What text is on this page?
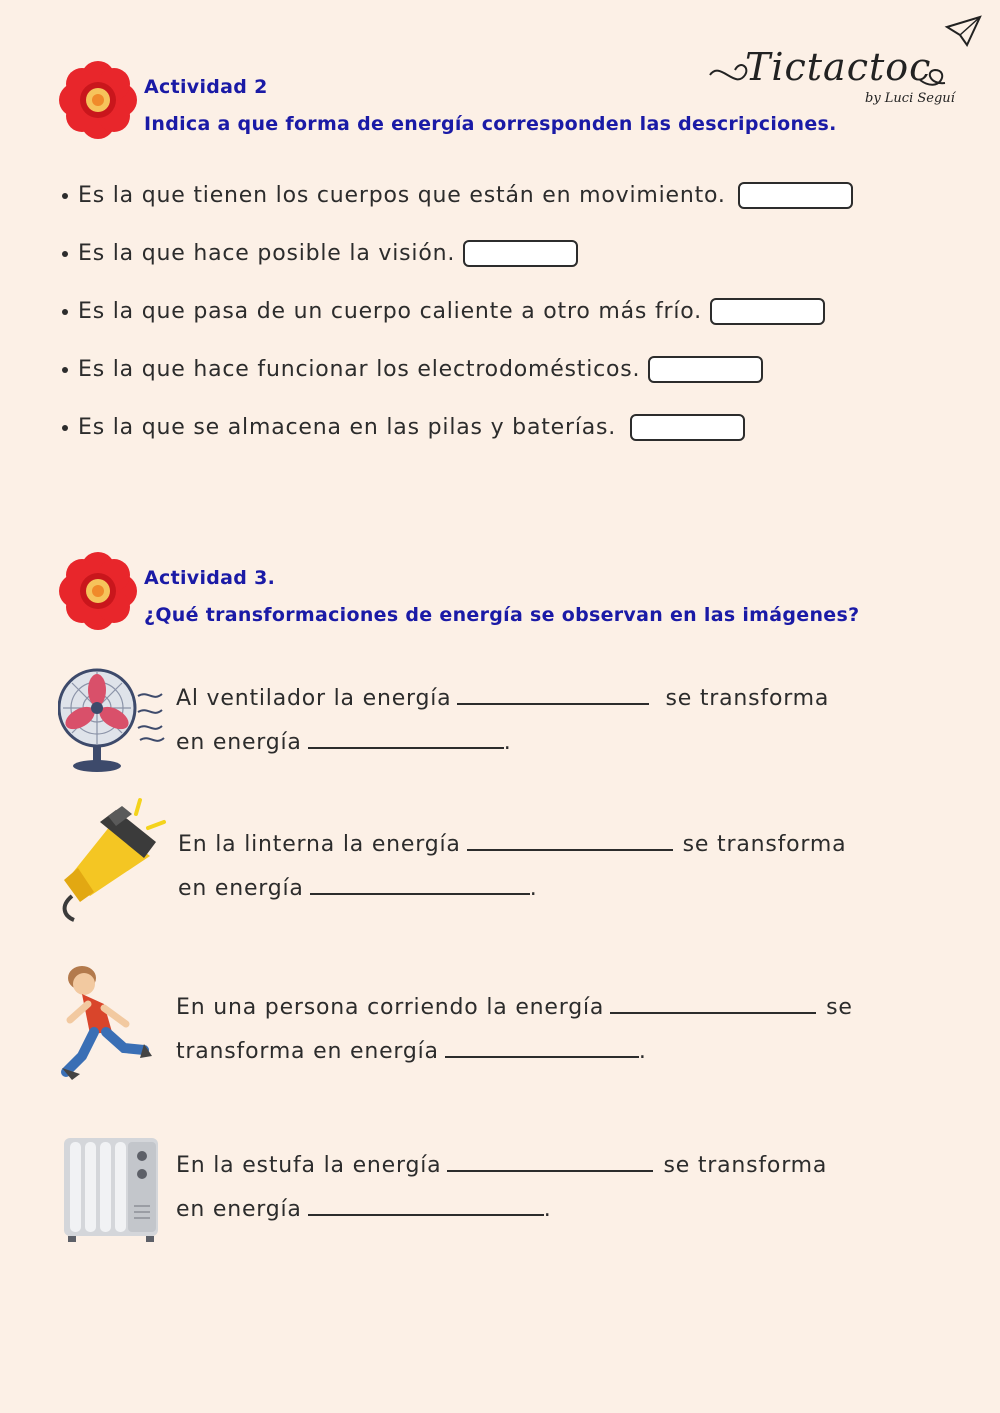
Tictactoc
by Luci Seguí
Actividad 2
Indica a que forma de energía corresponden las descripciones.
Es la que tienen los cuerpos que están en movimiento.
Es la que hace posible la visión.
Es la que pasa de un cuerpo caliente a otro más frío.
Es la que hace funcionar los electrodomésticos.
Es la que se almacena en las pilas y baterías.
Actividad 3.
¿Qué transformaciones de energía se observan en las imágenes?
Al ventilador la energía	se transforma
en energía	.
En la linterna la energía	se transforma
en energía	.
En una persona corriendo la energía	se
transforma en energía	.
En la estufa la energía	se transforma
en energía	.
